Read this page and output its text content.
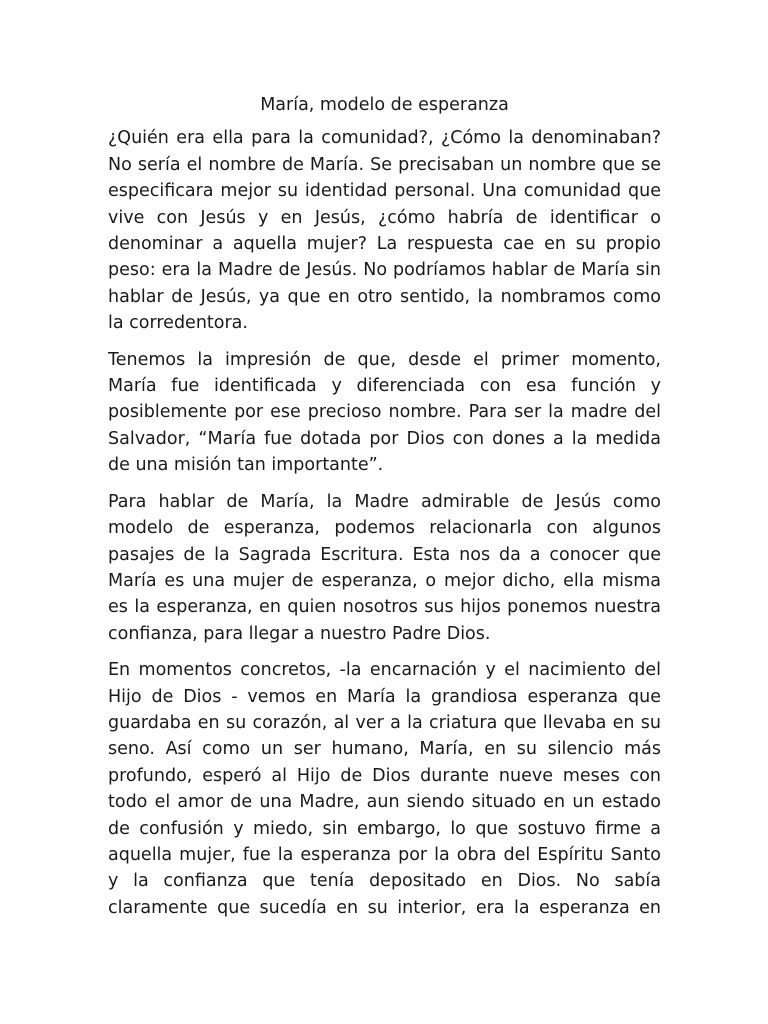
María, modelo de esperanza

¿Quién era ella para la comunidad?, ¿Cómo la denominaban? No sería el nombre de María. Se precisaban un nombre que se especificara mejor su identidad personal. Una comunidad que vive con Jesús y en Jesús, ¿cómo habría de identificar o denominar a aquella mujer? La respuesta cae en su propio peso: era la Madre de Jesús. No podríamos hablar de María sin hablar de Jesús, ya que en otro sentido, la nombramos como la corredentora.

Tenemos la impresión de que, desde el primer momento, María fue identificada y diferenciada con esa función y posiblemente por ese precioso nombre. Para ser la madre del Salvador, “María fue dotada por Dios con dones a la medida de una misión tan importante”.

Para hablar de María, la Madre admirable de Jesús como modelo de esperanza, podemos relacionarla con algunos pasajes de la Sagrada Escritura. Esta nos da a conocer que María es una mujer de esperanza, o mejor dicho, ella misma es la esperanza, en quien nosotros sus hijos ponemos nuestra confianza, para llegar a nuestro Padre Dios.

En momentos concretos, -la encarnación y el nacimiento del Hijo de Dios - vemos en María la grandiosa esperanza que guardaba en su corazón, al ver a la criatura que llevaba en su seno. Así como un ser humano, María, en su silencio más profundo, esperó al Hijo de Dios durante nueve meses con todo el amor de una Madre, aun siendo situado en un estado de confusión y miedo, sin embargo, lo que sostuvo firme a aquella mujer, fue la esperanza por la obra del Espíritu Santo y la confianza que tenía depositado en Dios. No sabía claramente que sucedía en su interior, era la esperanza en
